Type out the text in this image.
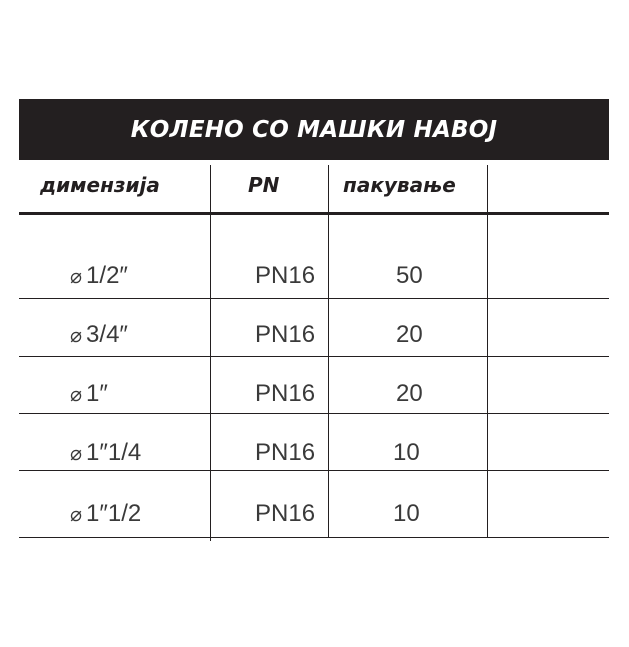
КОЛЕНО СО МАШКИ НАВОЈ
димензија	PN	пакување
⌀ 1/2″	PN16	50
⌀ 3/4″	PN16	20
⌀ 1″	PN16	20
⌀ 1″1/4	PN16	10
⌀ 1″1/2	PN16	10
